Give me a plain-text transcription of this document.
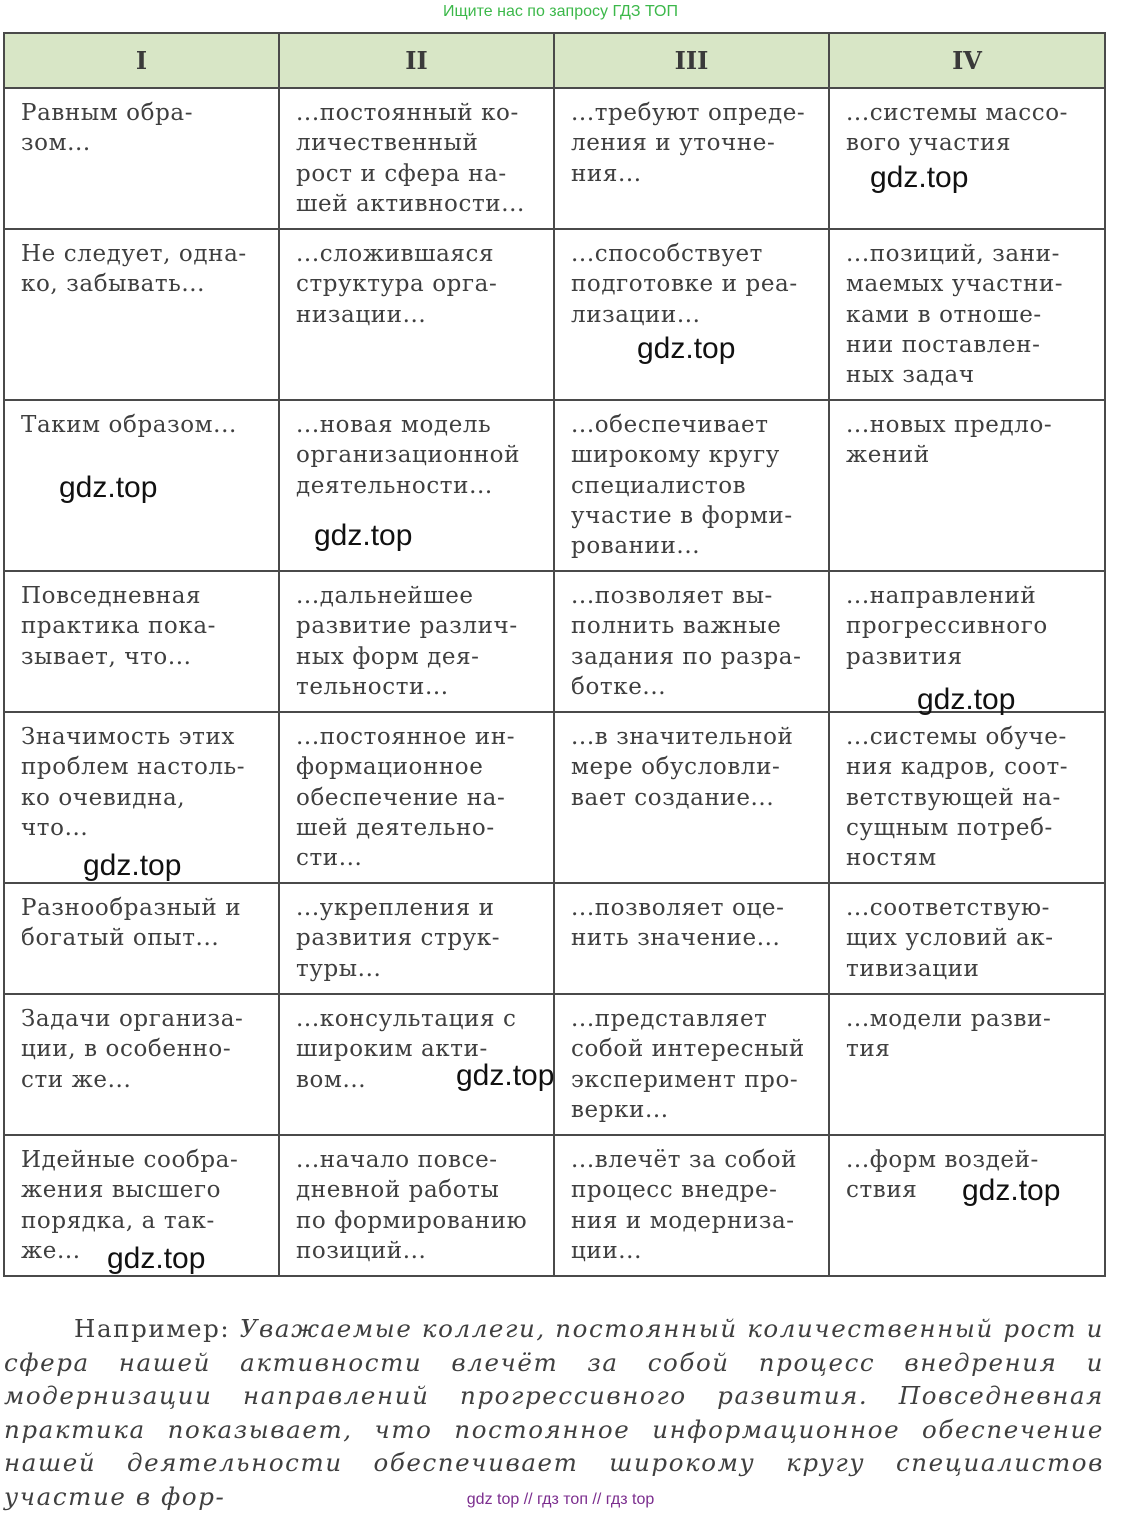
Ищите нас по запросу ГДЗ ТОП
I	II	III	IV

Равным обра-
зом...	...постоянный ко-
личественный
рост и сфера на-
шей активности...	...требуют опреде-
ления и уточне-
ния...	...системы массо-
вого участия
gdz.top

Не следует, одна-
ко, забывать...	...сложившаяся
структура орга-
низации...	...способствует
подготовке и реа-
лизации...
gdz.top	...позиций, зани-
маемых участни-
ками в отноше-
нии поставлен-
ных задач

Таким образом...
gdz.top	...новая модель
организационной
деятельности...
gdz.top	...обеспечивает
широкому кругу
специалистов
участие в форми-
ровании...	...новых предло-
жений

Повседневная
практика пока-
зывает, что...	...дальнейшее
развитие различ-
ных форм дея-
тельности...	...позволяет вы-
полнить важные
задания по разра-
ботке...	...направлений
прогрессивного
развития
gdz.top

Значимость этих
проблем настоль-
ко очевидна,
что...
gdz.top	...постоянное ин-
формационное
обеспечение на-
шей деятельно-
сти...	...в значительной
мере обусловли-
вает создание...	...системы обуче-
ния кадров, соот-
ветствующей на-
сущным потреб-
ностям

Разнообразный и
богатый опыт...	...укрепления и
развития струк-
туры...	...позволяет оце-
нить значение...	...соответствую-
щих условий ак-
тивизации

Задачи организа-
ции, в особенно-
сти же...	...консультация с
широким акти-
вом... gdz.top	...представляет
собой интересный
эксперимент про-
верки...	...модели разви-
тия

Идейные сообра-
жения высшего
порядка, а так-
же... gdz.top	...начало повсе-
дневной работы
по формированию
позиций...	...влечёт за собой
процесс внедре-
ния и модерниза-
ции...	...форм воздей-
ствия gdz.top
Например: Уважаемые коллеги, постоянный количественный рост и сфера нашей активности влечёт за собой процесс внедрения и модернизации направлений прогрессивного развития. Повседневная практика показывает, что постоянное информационное обеспечение нашей деятельности обеспечивает широкому кругу специалистов участие в фор-	gdz top // гдз топ // гдз top
